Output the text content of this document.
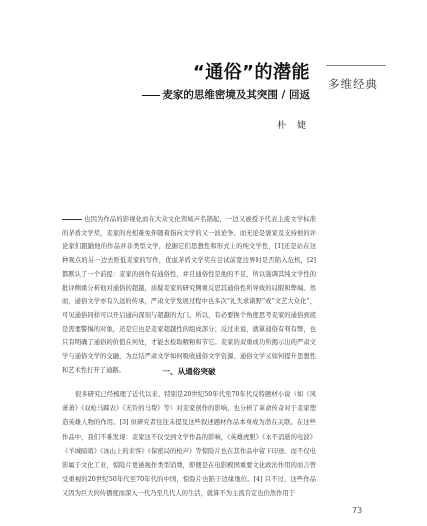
多维经典
“通俗”的潜能
麦家的思维密境及其突围 / 回返
朴 婕

也因为作品的影视化而在大众文化领域声名鹊起，一边又被授予代表主流文学标准的茅盾文学奖，麦家的亮相难免伴随着指向文学的又一波论争。而无论是褒家及支持他的评论家们跟踊他的作品并非类型文学，挖掘它们思想性和形式上的纯文学性，[1]还是站在这种观点的另一边去贬低麦家的写作，优虑茅盾文学奖在尝试前宽边界时是否陷入危机，[2] 都默认了一个前提：麦家的创作有通俗性，并且通俗性是他的不足，所以强调其纯文学性的批评侧重分析他对通俗的超越，质疑麦家的研究侧重反思其通俗性所导致的局限和弊端。然而，通俗文学亦有久远的传承，严肃文学发展过程中也多次“礼失求诸野”或“文艺大众化”，可见通俗同样可以开启通向深刻与超越的大门。所以，有必要换个角度思考麦家的通俗到底是需要警惕的对象，还是它也是麦家超越性的组成部分；反过来说，就算通俗有利有弊，也只有明确了通俗的价值在何处，才能去检取精粕和节它。麦家的双重成功所揭示出的严肃文学与通俗文学的交融，为总结严肃文学如何吸收通俗文学资源、通俗文学又如何提升思想性和艺术性打开了通路。	一、从通俗突破

很多研究已经梳理了近代以来、特别是20世纪50年代至70年代反特题材小说（如《风萧萧》《双枪马蹄表》《无铃的马帮》等）对麦家创作的影响，也分析了革命传奇对于麦家塑造英雄人物的作用。[3] 但研究者往往未提及这些叙述题材作品本身成为潜在关联。在这些作品中，我们不难发现：麦家这不仅受到文学作品的影响，《英雄虎胆》《永不消逝的电波》《羊城暗哨》《冰山上的来客》《保密局的枪声》等惊险片也在其作品中留下印迹。而不仅电影属于文化工业，惊险片更被视作类型消费，即便是在电影殿国重要文化政治作用的而言曾受重视的20世纪50年代至70年代的中国，惊险片也陷于边缘地位。[4] 只不过，这些作品又因为巨大的传播度而深入一代乃至几代人的生活，就算不为主流肯定也仍然作用于

73
